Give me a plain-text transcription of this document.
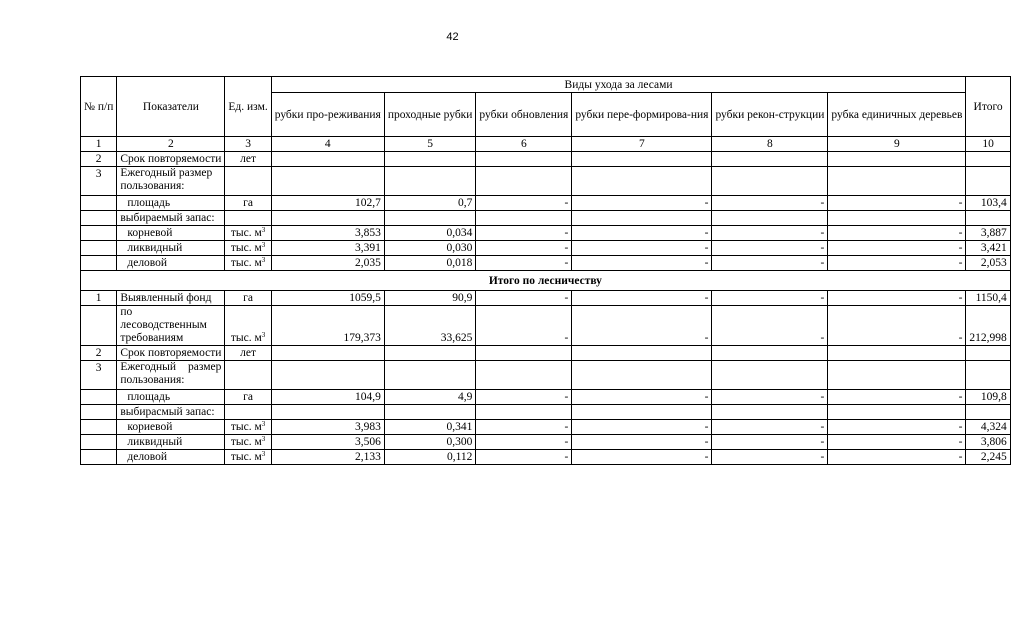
42
№ п/п	Показатели	Ед. изм.	Виды ухода за лесами						Итого
			рубки про-реживания	проходные рубки	рубки обновления	рубки пере-формирова-ния	рубки рекон-струкции	рубка единичных деревьев	
1	2	3	4	5	6	7	8	9	10
2	Срок повторяемости	лет							
3	Ежегодный размер
пользования:								

	площадь	га	102,7	0,7	-	-	-	-	103,4
	выбираемый запас:								
	корневой	тыс. $м^3$	3,853	0,034	-	-	-	-	3,887
	ликвидный	тыс. $м^3$	3,391	0,030	-	-	-	-	3,421
	деловой	тыс. $м^3$	2,035	0,018	-	-	-	-	2,053
Итого по лесничеству									
1	Выявленный фонд	га	1059,5	90,9	-	-	-	-	1150,4

	по лесоводственным
требованиям	тыс. $м^3$	179,373	33,625	-	-	-	-	212,998
2	Срок повторяемости	лет							
3	Ежегодный размер
пользования:								

	площадь	га	104,9	4,9	-	-	-	-	109,8
	выбирасмый запас:								
	кориевой	тыс. $м^3$	3,983	0,341	-	-	-	-	4,324
	ликвидный	тыс. $м^3$	3,506	0,300	-	-	-	-	3,806
	деловой	тыс. $м^3$	2,133	0,112	-	-	-	-	2,245
